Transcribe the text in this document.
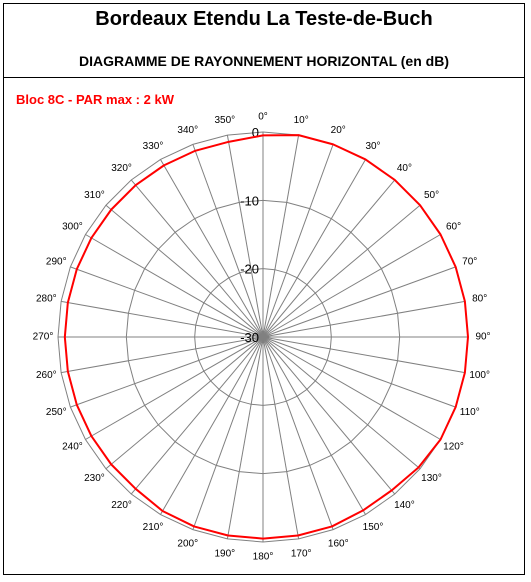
Bordeaux Etendu La Teste-de-Buch
DIAGRAMME DE RAYONNEMENT HORIZONTAL (en dB)
Bloc 8C - PAR max : 2 kW
0°	10°
20°
30°
40°
50°
60°
70°
80°
90°
100°
110°
120°
130°
140°
150°
160°
170°
180°
190°
200°
210°
220°
230°
240°
250°
260°
270°
280°
290°
300°
310°
320°
330°
340°
350°
0
-10
-20
-30
